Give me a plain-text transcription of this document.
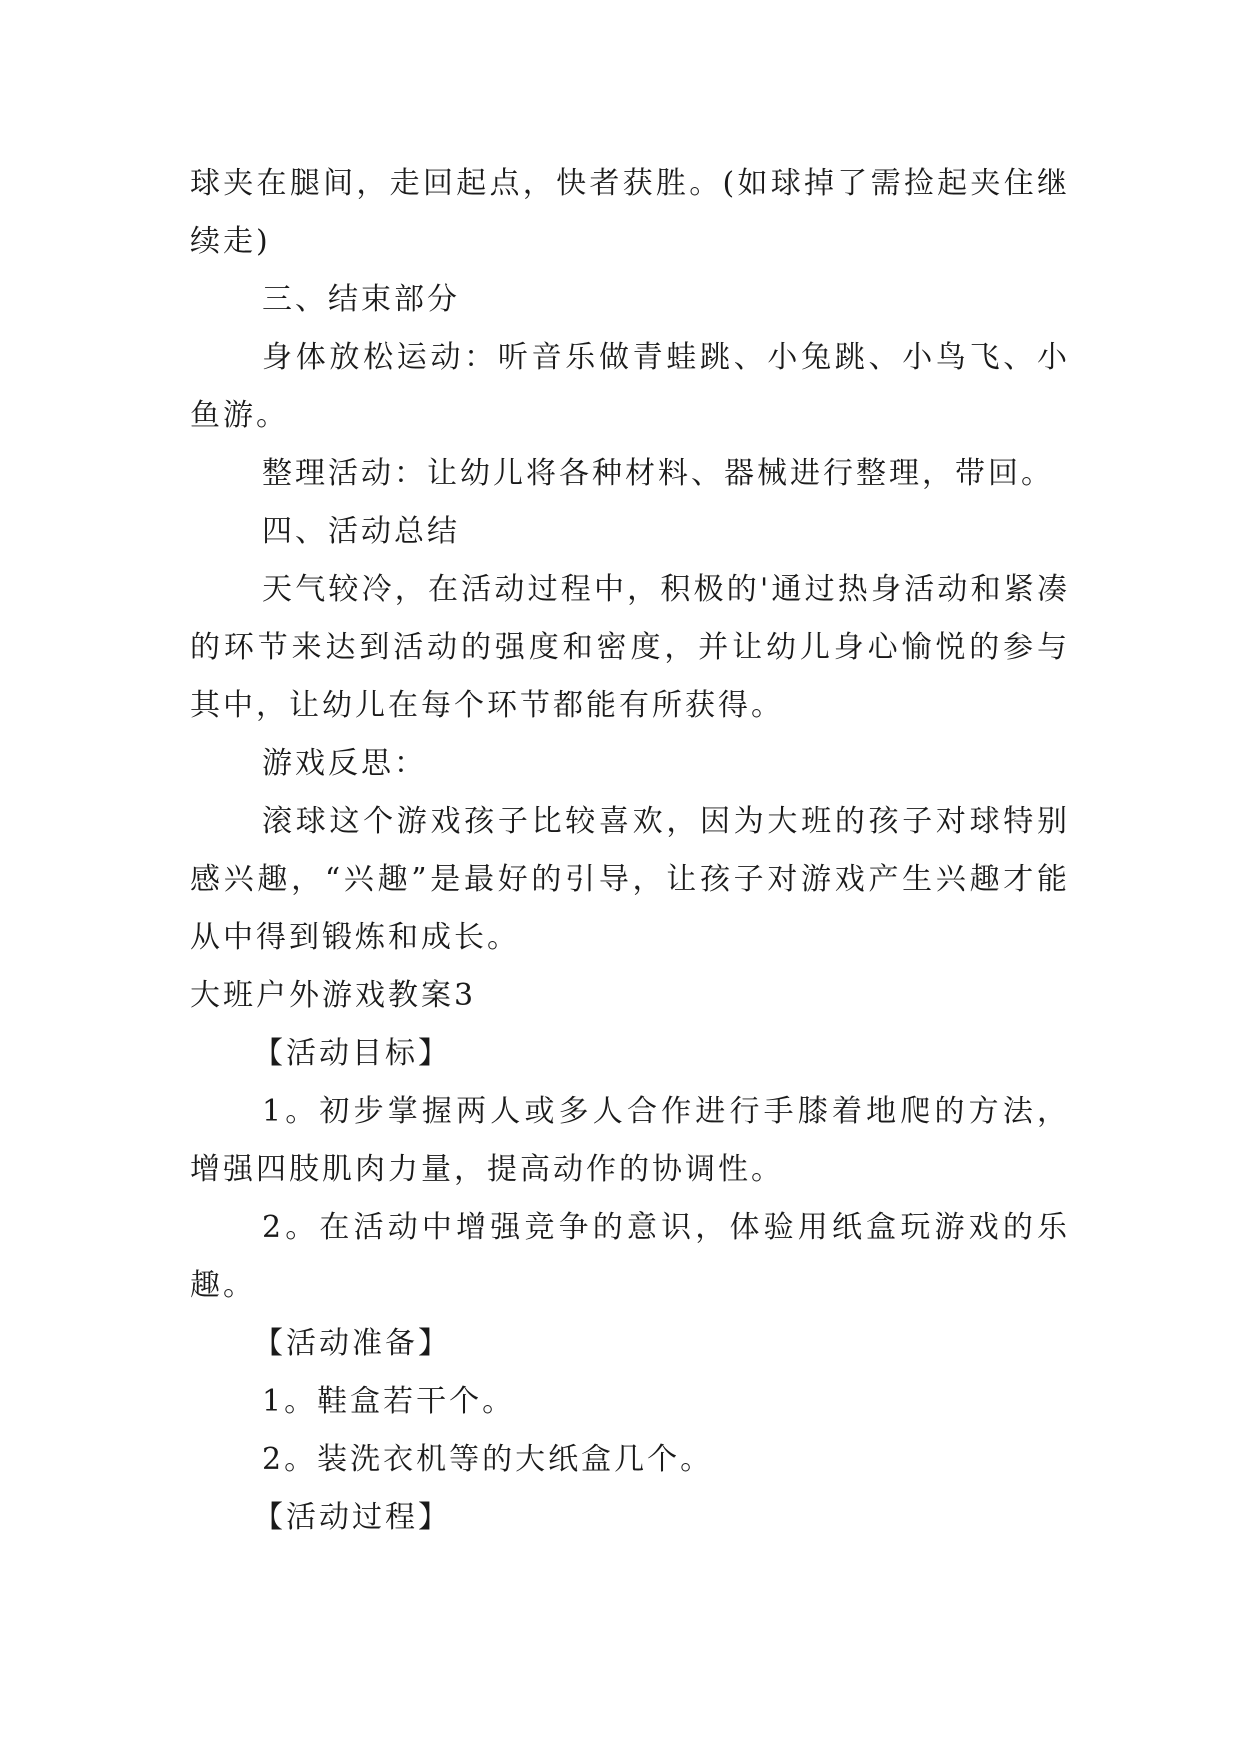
球夹在腿间，走回起点，快者获胜。(如球掉了需捡起夹住继续走)

三、结束部分

身体放松运动：听音乐做青蛙跳、小兔跳、小鸟飞、小鱼游。

整理活动：让幼儿将各种材料、器械进行整理，带回。

四、活动总结

天气较冷，在活动过程中，积极的'通过热身活动和紧凑的环节来达到活动的强度和密度，并让幼儿身心愉悦的参与其中，让幼儿在每个环节都能有所获得。

游戏反思：

滚球这个游戏孩子比较喜欢，因为大班的孩子对球特别感兴趣，“兴趣”是最好的引导，让孩子对游戏产生兴趣才能从中得到锻炼和成长。

大班户外游戏教案3

【活动目标】

1。初步掌握两人或多人合作进行手膝着地爬的方法，增强四肢肌肉力量，提高动作的协调性。

2。在活动中增强竞争的意识，体验用纸盒玩游戏的乐趣。

【活动准备】

1。鞋盒若干个。

2。装洗衣机等的大纸盒几个。

【活动过程】
